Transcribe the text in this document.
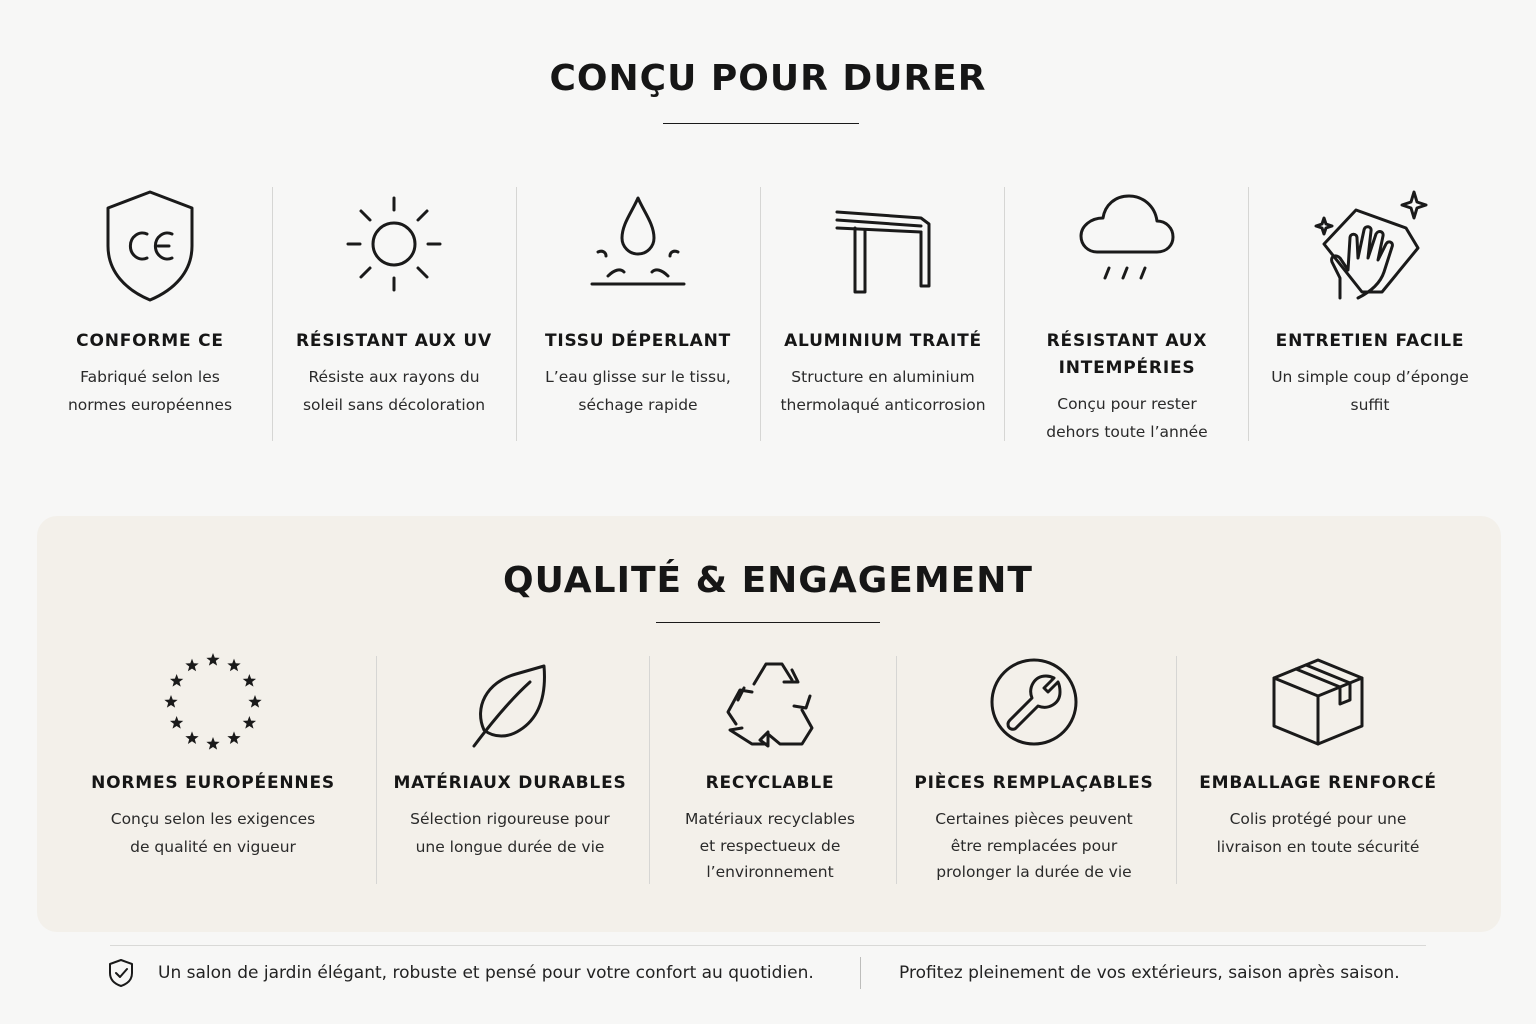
CONÇU POUR DURER
CONFORME CE
Fabriqué selon les
normes européennes
RÉSISTANT AUX UV
Résiste aux rayons du
soleil sans décoloration
TISSU DÉPERLANT
L’eau glisse sur le tissu,
séchage rapide
ALUMINIUM TRAITÉ
Structure en aluminium
thermolaqué anticorrosion
RÉSISTANT AUX
INTEMPÉRIES
Conçu pour rester
dehors toute l’année
ENTRETIEN FACILE
Un simple coup d’éponge
suffit
QUALITÉ & ENGAGEMENT
NORMES EUROPÉENNES
Conçu selon les exigences
de qualité en vigueur
MATÉRIAUX DURABLES
Sélection rigoureuse pour
une longue durée de vie
RECYCLABLE
Matériaux recyclables
et respectueux de
l’environnement
PIÈCES REMPLAÇABLES
Certaines pièces peuvent
être remplacées pour
prolonger la durée de vie
EMBALLAGE RENFORCÉ
Colis protégé pour une
livraison en toute sécurité
Un salon de jardin élégant, robuste et pensé pour votre confort au quotidien.	Profitez pleinement de vos extérieurs, saison après saison.
